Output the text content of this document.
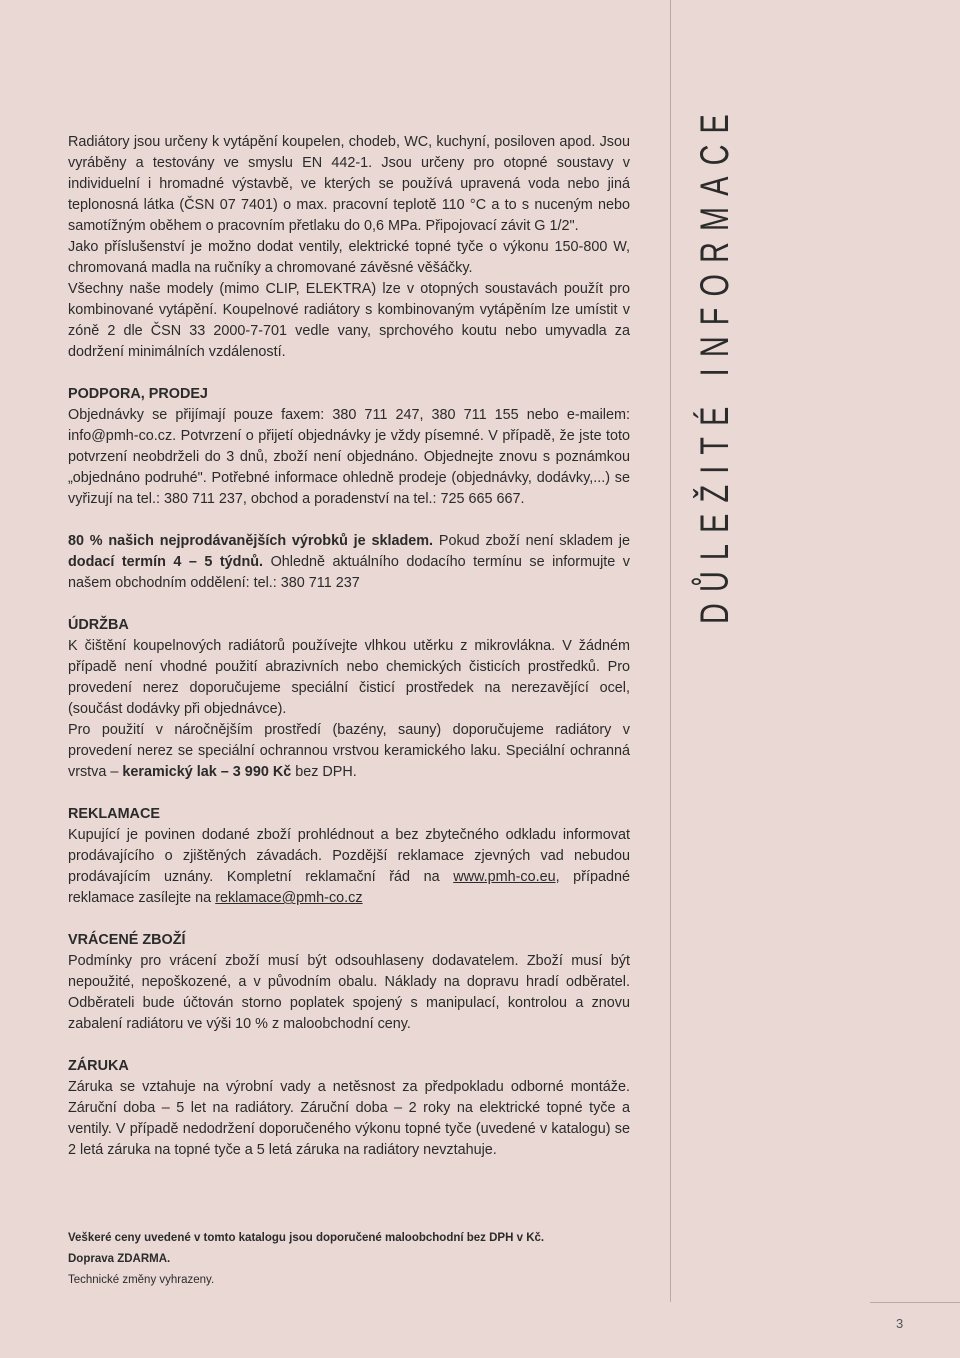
DŮLEŽITÉ INFORMACE

Radiátory jsou určeny k vytápění koupelen, chodeb, WC, kuchyní, posiloven apod. Jsou vyráběny a testovány ve smyslu EN 442-1. Jsou určeny pro otopné soustavy v individuelní i hromadné výstavbě, ve kterých se používá upravená voda nebo jiná teplonosná látka (ČSN 07 7401) o max. pracovní teplotě 110 °C a to s nuceným nebo samotížným oběhem o pracovním přetlaku do 0,6 MPa. Připojovací závit G 1/2".

Jako příslušenství je možno dodat ventily, elektrické topné tyče o výkonu 150-800 W, chromovaná madla na ručníky a chromované závěsné věšáčky.

Všechny naše modely (mimo CLIP, ELEKTRA) lze v otopných soustavách použít pro kombinované vytápění. Koupelnové radiátory s kombinovaným vytápěním lze umístit v zóně 2 dle ČSN 33 2000-7-701 vedle vany, sprchového koutu nebo umyvadla za dodržení minimálních vzdáleností.

PODPORA, PRODEJ

Objednávky se přijímají pouze faxem: 380 711 247, 380 711 155 nebo e-mailem: info@pmh-co.cz. Potvrzení o přijetí objednávky je vždy písemné. V případě, že jste toto potvrzení neobdrželi do 3 dnů, zboží není objednáno. Objednejte znovu s poznámkou „objednáno podruhé". Potřebné informace ohledně prodeje (objednávky, dodávky,...) se vyřizují na tel.: 380 711 237, obchod a poradenství na tel.: 725 665 667.

80 % našich nejprodávanějších výrobků je skladem. Pokud zboží není skladem je dodací termín 4 – 5 týdnů. Ohledně aktuálního dodacího termínu se informujte v našem obchodním oddělení: tel.: 380 711 237

ÚDRŽBA

K čištění koupelnových radiátorů používejte vlhkou utěrku z mikrovlákna. V žádném případě není vhodné použití abrazivních nebo chemických čisticích prostředků. Pro provedení nerez doporučujeme speciální čisticí prostředek na nerezavějící ocel, (součást dodávky při objednávce).

Pro použití v náročnějším prostředí (bazény, sauny) doporučujeme radiátory v provedení nerez se speciální ochrannou vrstvou keramického laku. Speciální ochranná vrstva – keramický lak – 3 990 Kč bez DPH.

REKLAMACE

Kupující je povinen dodané zboží prohlédnout a bez zbytečného odkladu informovat prodávajícího o zjištěných závadách. Pozdější reklamace zjevných vad nebudou prodávajícím uznány. Kompletní reklamační řád na www.pmh-co.eu, případné reklamace zasílejte na reklamace@pmh-co.cz

VRÁCENÉ ZBOŽÍ

Podmínky pro vrácení zboží musí být odsouhlaseny dodavatelem. Zboží musí být nepoužité, nepoškozené, a v původním obalu. Náklady na dopravu hradí odběratel. Odběrateli bude účtován storno poplatek spojený s manipulací, kontrolou a znovu zabalení radiátoru ve výši 10 % z maloobchodní ceny.

ZÁRUKA

Záruka se vztahuje na výrobní vady a netěsnost za předpokladu odborné montáže. Záruční doba – 5 let na radiátory. Záruční doba – 2 roky na elektrické topné tyče a ventily. V případě nedodržení doporučeného výkonu topné tyče (uvedené v katalogu) se 2 letá záruka na topné tyče a 5 letá záruka na radiátory nevztahuje.

Veškeré ceny uvedené v tomto katalogu jsou doporučené maloobchodní bez DPH v Kč.

Doprava ZDARMA.

Technické změny vyhrazeny.

3
